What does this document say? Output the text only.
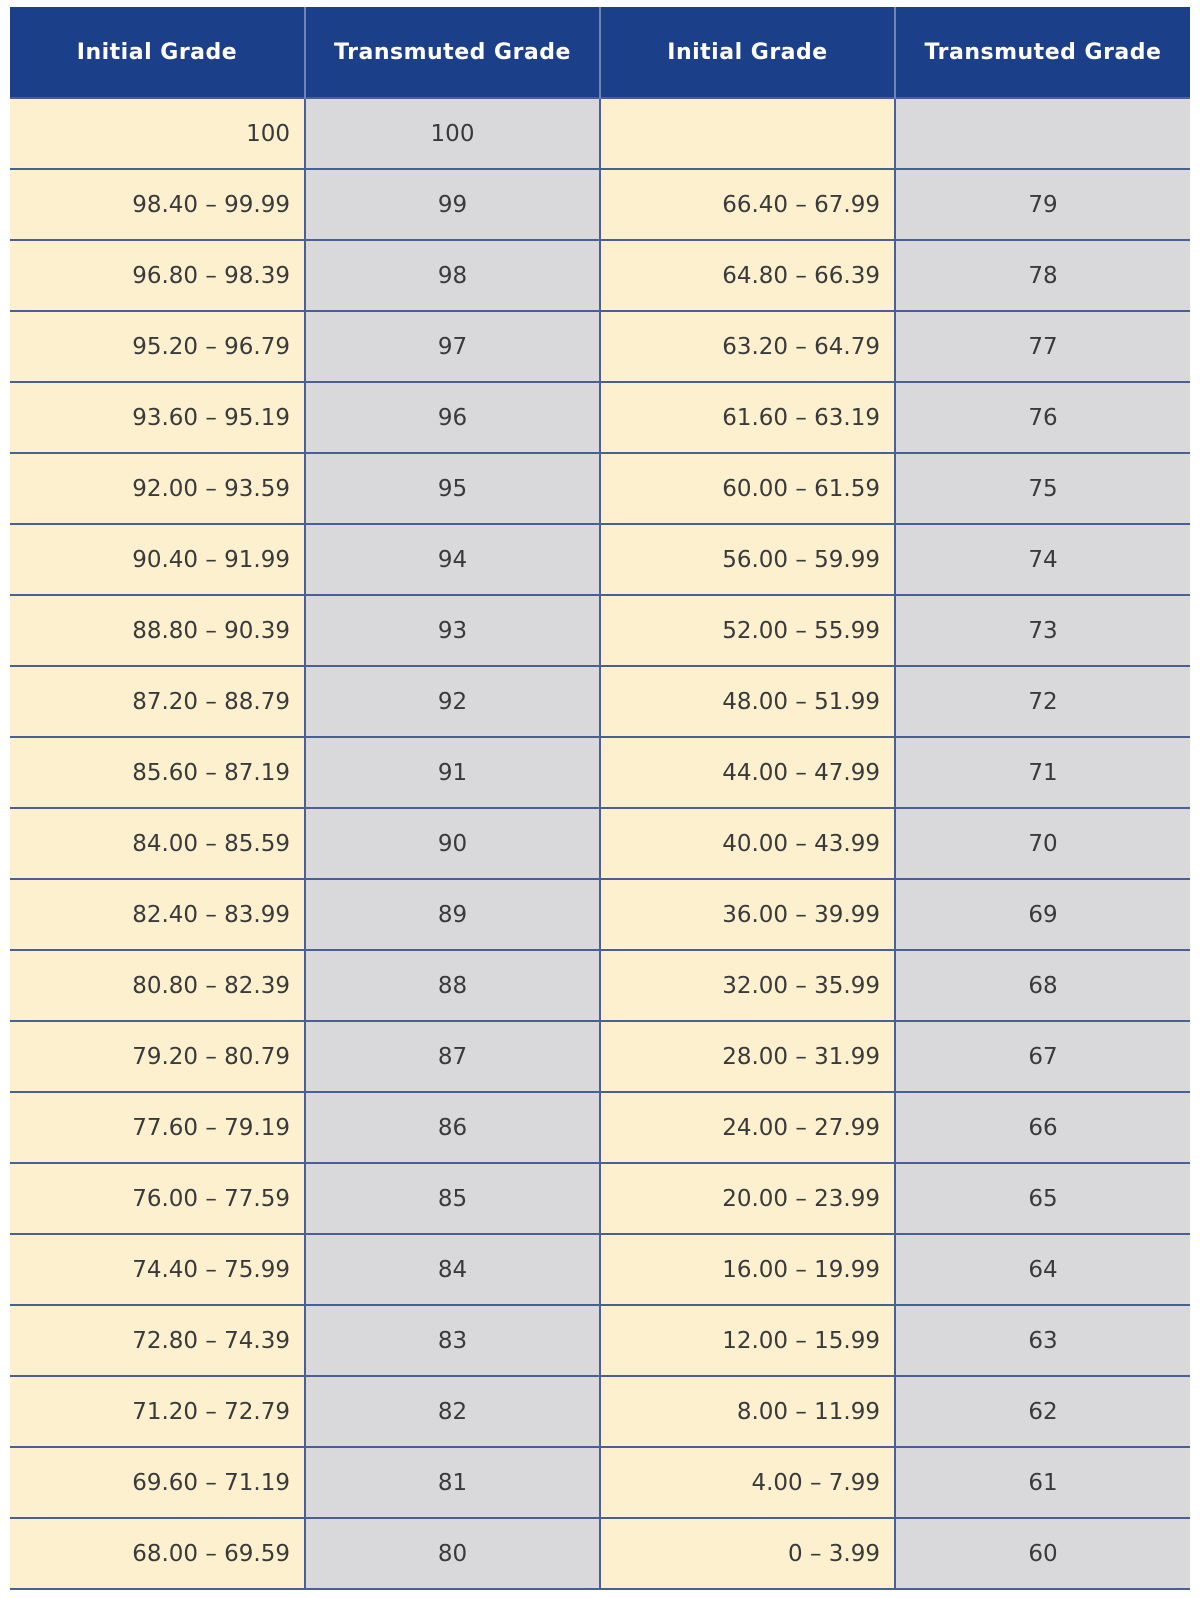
Initial Grade	Transmuted Grade	Initial Grade	Transmuted Grade
100	100		
98.40 – 99.99	99	66.40 – 67.99	79
96.80 – 98.39	98	64.80 – 66.39	78
95.20 – 96.79	97	63.20 – 64.79	77
93.60 – 95.19	96	61.60 – 63.19	76
92.00 – 93.59	95	60.00 – 61.59	75
90.40 – 91.99	94	56.00 – 59.99	74
88.80 – 90.39	93	52.00 – 55.99	73
87.20 – 88.79	92	48.00 – 51.99	72
85.60 – 87.19	91	44.00 – 47.99	71
84.00 – 85.59	90	40.00 – 43.99	70
82.40 – 83.99	89	36.00 – 39.99	69
80.80 – 82.39	88	32.00 – 35.99	68
79.20 – 80.79	87	28.00 – 31.99	67
77.60 – 79.19	86	24.00 – 27.99	66
76.00 – 77.59	85	20.00 – 23.99	65
74.40 – 75.99	84	16.00 – 19.99	64
72.80 – 74.39	83	12.00 – 15.99	63
71.20 – 72.79	82	8.00 – 11.99	62
69.60 – 71.19	81	4.00 – 7.99	61
68.00 – 69.59	80	0 – 3.99	60
